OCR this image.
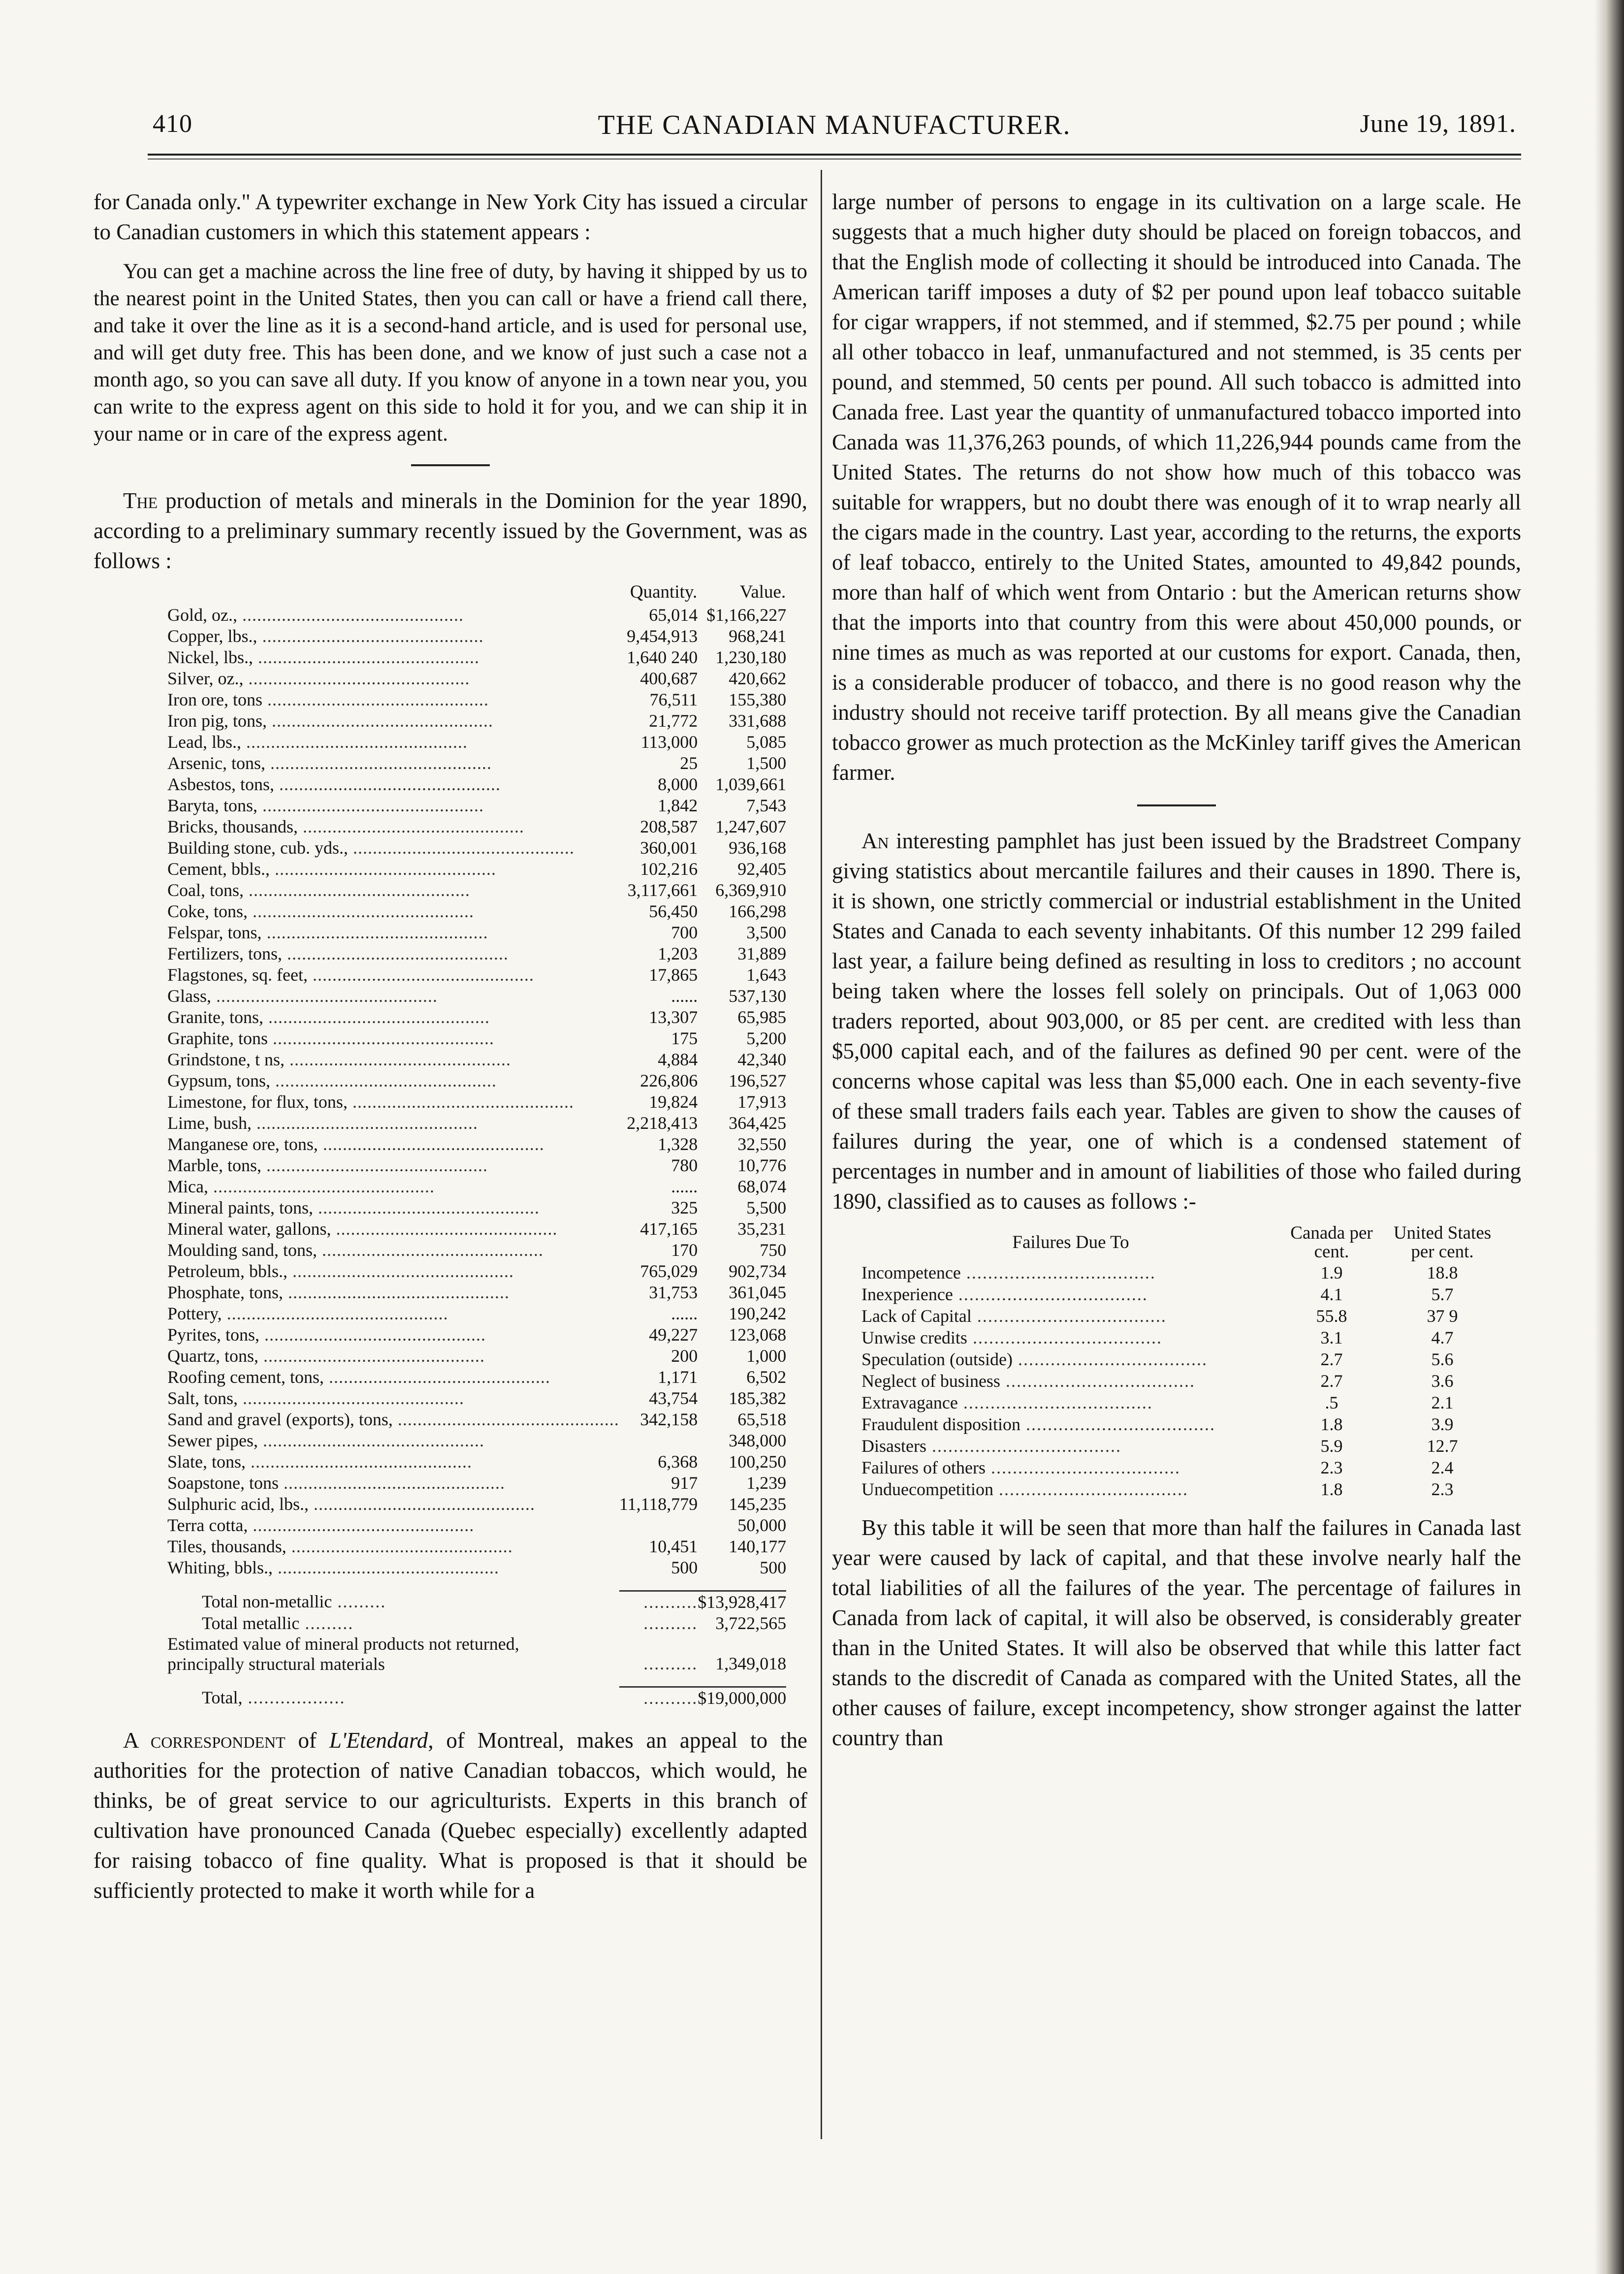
410	THE CANADIAN MANUFACTURER.	June 19, 1891.

for Canada only." A typewriter exchange in New York City has issued a circular to Canadian customers in which this statement appears :

You can get a machine across the line free of duty, by having it shipped by us to the nearest point in the United States, then you can call or have a friend call there, and take it over the line as it is a second-hand article, and is used for personal use, and will get duty free. This has been done, and we know of just such a case not a month ago, so you can save all duty. If you know of anyone in a town near you, you can write to the express agent on this side to hold it for you, and we can ship it in your name or in care of the express agent.

The production of metals and minerals in the Dominion for the year 1890, according to a preliminary summary recently issued by the Government, was as follows :

	Quantity.	Value.
Gold, oz., .............................................	65,014	$1,166,227
Copper, lbs., .............................................	9,454,913	968,241
Nickel, lbs., .............................................	1,640 240	1,230,180
Silver, oz., .............................................	400,687	420,662
Iron ore, tons .............................................	76,511	155,380
Iron pig, tons, .............................................	21,772	331,688
Lead, lbs., .............................................	113,000	5,085
Arsenic, tons, .............................................	25	1,500
Asbestos, tons, .............................................	8,000	1,039,661
Baryta, tons, .............................................	1,842	7,543
Bricks, thousands, .............................................	208,587	1,247,607
Building stone, cub. yds., .............................................	360,001	936,168
Cement, bbls., .............................................	102,216	92,405
Coal, tons, .............................................	3,117,661	6,369,910
Coke, tons, .............................................	56,450	166,298
Felspar, tons, .............................................	700	3,500
Fertilizers, tons, .............................................	1,203	31,889
Flagstones, sq. feet, .............................................	17,865	1,643
Glass, .............................................	......	537,130
Granite, tons, .............................................	13,307	65,985
Graphite, tons .............................................	175	5,200
Grindstone, t ns, .............................................	4,884	42,340
Gypsum, tons, .............................................	226,806	196,527
Limestone, for flux, tons, .............................................	19,824	17,913
Lime, bush, .............................................	2,218,413	364,425
Manganese ore, tons, .............................................	1,328	32,550
Marble, tons, .............................................	780	10,776
Mica, .............................................	......	68,074
Mineral paints, tons, .............................................	325	5,500
Mineral water, gallons, .............................................	417,165	35,231
Moulding sand, tons, .............................................	170	750
Petroleum, bbls., .............................................	765,029	902,734
Phosphate, tons, .............................................	31,753	361,045
Pottery, .............................................	......	190,242
Pyrites, tons, .............................................	49,227	123,068
Quartz, tons, .............................................	200	1,000
Roofing cement, tons, .............................................	1,171	6,502
Salt, tons, .............................................	43,754	185,382
Sand and gravel (exports), tons, .............................................	342,158	65,518
Sewer pipes, .............................................		348,000
Slate, tons, .............................................	6,368	100,250
Soapstone, tons .............................................	917	1,239
Sulphuric acid, lbs., .............................................	11,118,779	145,235
Terra cotta, .............................................		50,000
Tiles, thousands, .............................................	10,451	140,177
Whiting, bbls., .............................................	500	500

Total non-metallic .........	..........	$13,928,417
Total metallic .........	..........	3,722,565
Estimated value of mineral products not returned, principally structural materials	..........	1,349,018

Total, ..................	..........	$19,000,000

A correspondent of L'Etendard, of Montreal, makes an appeal to the authorities for the protection of native Canadian tobaccos, which would, he thinks, be of great service to our agriculturists. Experts in this branch of cultivation have pronounced Canada (Quebec especially) excellently adapted for raising tobacco of fine quality. What is proposed is that it should be sufficiently protected to make it worth while for a

large number of persons to engage in its cultivation on a large scale. He suggests that a much higher duty should be placed on foreign tobaccos, and that the English mode of collecting it should be introduced into Canada. The American tariff imposes a duty of $2 per pound upon leaf tobacco suitable for cigar wrappers, if not stemmed, and if stemmed, $2.75 per pound ; while all other tobacco in leaf, unmanufactured and not stemmed, is 35 cents per pound, and stemmed, 50 cents per pound. All such tobacco is admitted into Canada free. Last year the quantity of unmanufactured tobacco imported into Canada was 11,376,263 pounds, of which 11,226,944 pounds came from the United States. The returns do not show how much of this tobacco was suitable for wrappers, but no doubt there was enough of it to wrap nearly all the cigars made in the country. Last year, according to the returns, the exports of leaf tobacco, entirely to the United States, amounted to 49,842 pounds, more than half of which went from Ontario : but the American returns show that the imports into that country from this were about 450,000 pounds, or nine times as much as was reported at our customs for export. Canada, then, is a considerable producer of tobacco, and there is no good reason why the industry should not receive tariff protection. By all means give the Canadian tobacco grower as much protection as the McKinley tariff gives the American farmer.

An interesting pamphlet has just been issued by the Bradstreet Company giving statistics about mercantile failures and their causes in 1890. There is, it is shown, one strictly commercial or industrial establishment in the United States and Canada to each seventy inhabitants. Of this number 12 299 failed last year, a failure being defined as resulting in loss to creditors ; no account being taken where the losses fell solely on principals. Out of 1,063 000 traders reported, about 903,000, or 85 per cent. are credited with less than $5,000 capital each, and of the failures as defined 90 per cent. were of the concerns whose capital was less than $5,000 each. One in each seventy-five of these small traders fails each year. Tables are given to show the causes of failures during the year, one of which is a condensed statement of percentages in number and in amount of liabilities of those who failed during 1890, classified as to causes as follows :-

Failures Due To	Canada per cent.	United States per cent.
Incompetence ...................................	1.9	18.8
Inexperience ...................................	4.1	5.7
Lack of Capital ...................................	55.8	37 9
Unwise credits ...................................	3.1	4.7
Speculation (outside) ...................................	2.7	5.6
Neglect of business ...................................	2.7	3.6
Extravagance ...................................	.5	2.1
Fraudulent disposition ...................................	1.8	3.9
Disasters ...................................	5.9	12.7
Failures of others ...................................	2.3	2.4
Unduecompetition ...................................	1.8	2.3

By this table it will be seen that more than half the failures in Canada last year were caused by lack of capital, and that these involve nearly half the total liabilities of all the failures of the year. The percentage of failures in Canada from lack of capital, it will also be observed, is considerably greater than in the United States. It will also be observed that while this latter fact stands to the discredit of Canada as compared with the United States, all the other causes of failure, except incompetency, show stronger against the latter country than
